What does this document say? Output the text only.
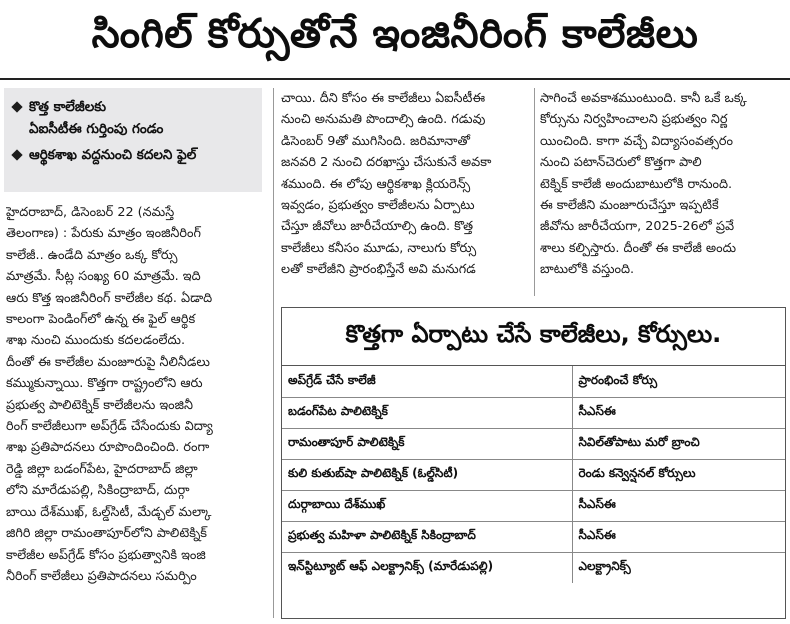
సింగిల్ కోర్సుతోనే ఇంజినీరింగ్ కాలేజీలు
కొత్త కాలేజీలకు
ఏఐసీటీఈ గుర్తింపు గండం
ఆర్థికశాఖ వద్దనుంచి కదలని ఫైల్
హైదరాబాద్, డిసెంబర్ 22 (నమస్తే
తెలంగాణ) : పేరుకు మాత్రం ఇంజినీరింగ్
కాలేజీ.. ఉండేది మాత్రం ఒక్క కోర్సు
మాత్రమే. సీట్ల సంఖ్య 60 మాత్రమే. ఇది
ఆరు కొత్త ఇంజినీరింగ్ కాలేజీల కథ. ఏడాది
కాలంగా పెండింగ్‌లో ఉన్న ఈ ఫైల్ ఆర్థిక
శాఖ నుంచి ముందుకు కదలడంలేదు.
దీంతో ఈ కాలేజీల మంజూరుపై నీలినీడలు
కమ్ముకున్నాయి. కొత్తగా రాష్ట్రంలోని ఆరు
ప్రభుత్వ పాలిటెక్నిక్ కాలేజీలను ఇంజినీ
రింగ్ కాలేజీలుగా అప్‌గ్రేడ్ చేసేందుకు విద్యా
శాఖ ప్రతిపాదనలు రూపొందించింది. రంగా
రెడ్డి జిల్లా బడంగ్‌పేట, హైదరాబాద్ జిల్లా
లోని మారేడుపల్లి, సికింద్రాబాద్, దుర్గా
బాయి దేశ్‌ముఖ్, ఓల్డ్‌సిటీ, మేడ్చల్ మల్కా
జిగిరి జిల్లా రామంతాపూర్‌లోని పాలిటెక్నిక్
కాలేజీల అప్‌గ్రేడ్ కోసం ప్రభుత్వానికి ఇంజి
నీరింగ్ కాలేజీలు ప్రతిపాదనలు సమర్పిం
చాయి. దీని కోసం ఈ కాలేజీలు ఏఐసీటీఈ
నుంచి అనుమతి పొందాల్సి ఉంది. గడువు
డిసెంబర్ 9తో ముగిసింది. జరిమానాతో
జనవరి 2 నుంచి దరఖాస్తు చేసుకునే అవకా
శముంది. ఈ లోపు ఆర్థికశాఖ క్లియరెన్స్
ఇవ్వడం, ప్రభుత్వం కాలేజీలను ఏర్పాటు
చేస్తూ జీవోలు జారీచేయాల్సి ఉంది. కొత్త
కాలేజీలు కనీసం మూడు, నాలుగు కోర్సు
లతో కాలేజీని ప్రారంభిస్తేనే అవి మనుగడ
సాగించే అవకాశముంటుంది. కానీ ఒకే ఒక్క
కోర్సును నిర్వహించాలని ప్రభుత్వం నిర్ణ
యించింది. కాగా వచ్చే విద్యాసంవత్సరం
నుంచి పటాన్‌చెరులో కొత్తగా పాలి
టెక్నిక్ కాలేజీ అందుబాటులోకి రానుంది.
ఈ కాలేజీని మంజూరుచేస్తూ ఇప్పటికే
జీవోను జారీచేయగా, 2025-26లో ప్రవే
శాలు కల్పిస్తారు. దీంతో ఈ కాలేజీ అందు
బాటులోకి వస్తుంది.
కొత్తగా ఏర్పాటు చేసే కాలేజీలు, కోర్సులు.
అప్‌గ్రేడ్ చేసే కాలేజీ	ప్రారంభించే కోర్సు
బడంగ్‌పేట పాలిటెక్నిక్	సీఎస్‌ఈ
రామంతాపూర్ పాలిటెక్నిక్	సివిల్‌తోపాటు మరో బ్రాంచి
కులి కుతుబ్‌షా పాలిటెక్నిక్ (ఓల్డ్‌సిటీ)	రెండు కన్వెన్షనల్ కోర్సులు
దుర్గాబాయి దేశ్‌ముఖ్	సీఎస్‌ఈ
ప్రభుత్వ మహిళా పాలిటెక్నిక్ సికింద్రాబాద్	సీఎస్‌ఈ
ఇన్‌స్టిట్యూట్ ఆఫ్ ఎలక్ట్రానిక్స్ (మారేడుపల్లి)	ఎలక్ట్రానిక్స్
